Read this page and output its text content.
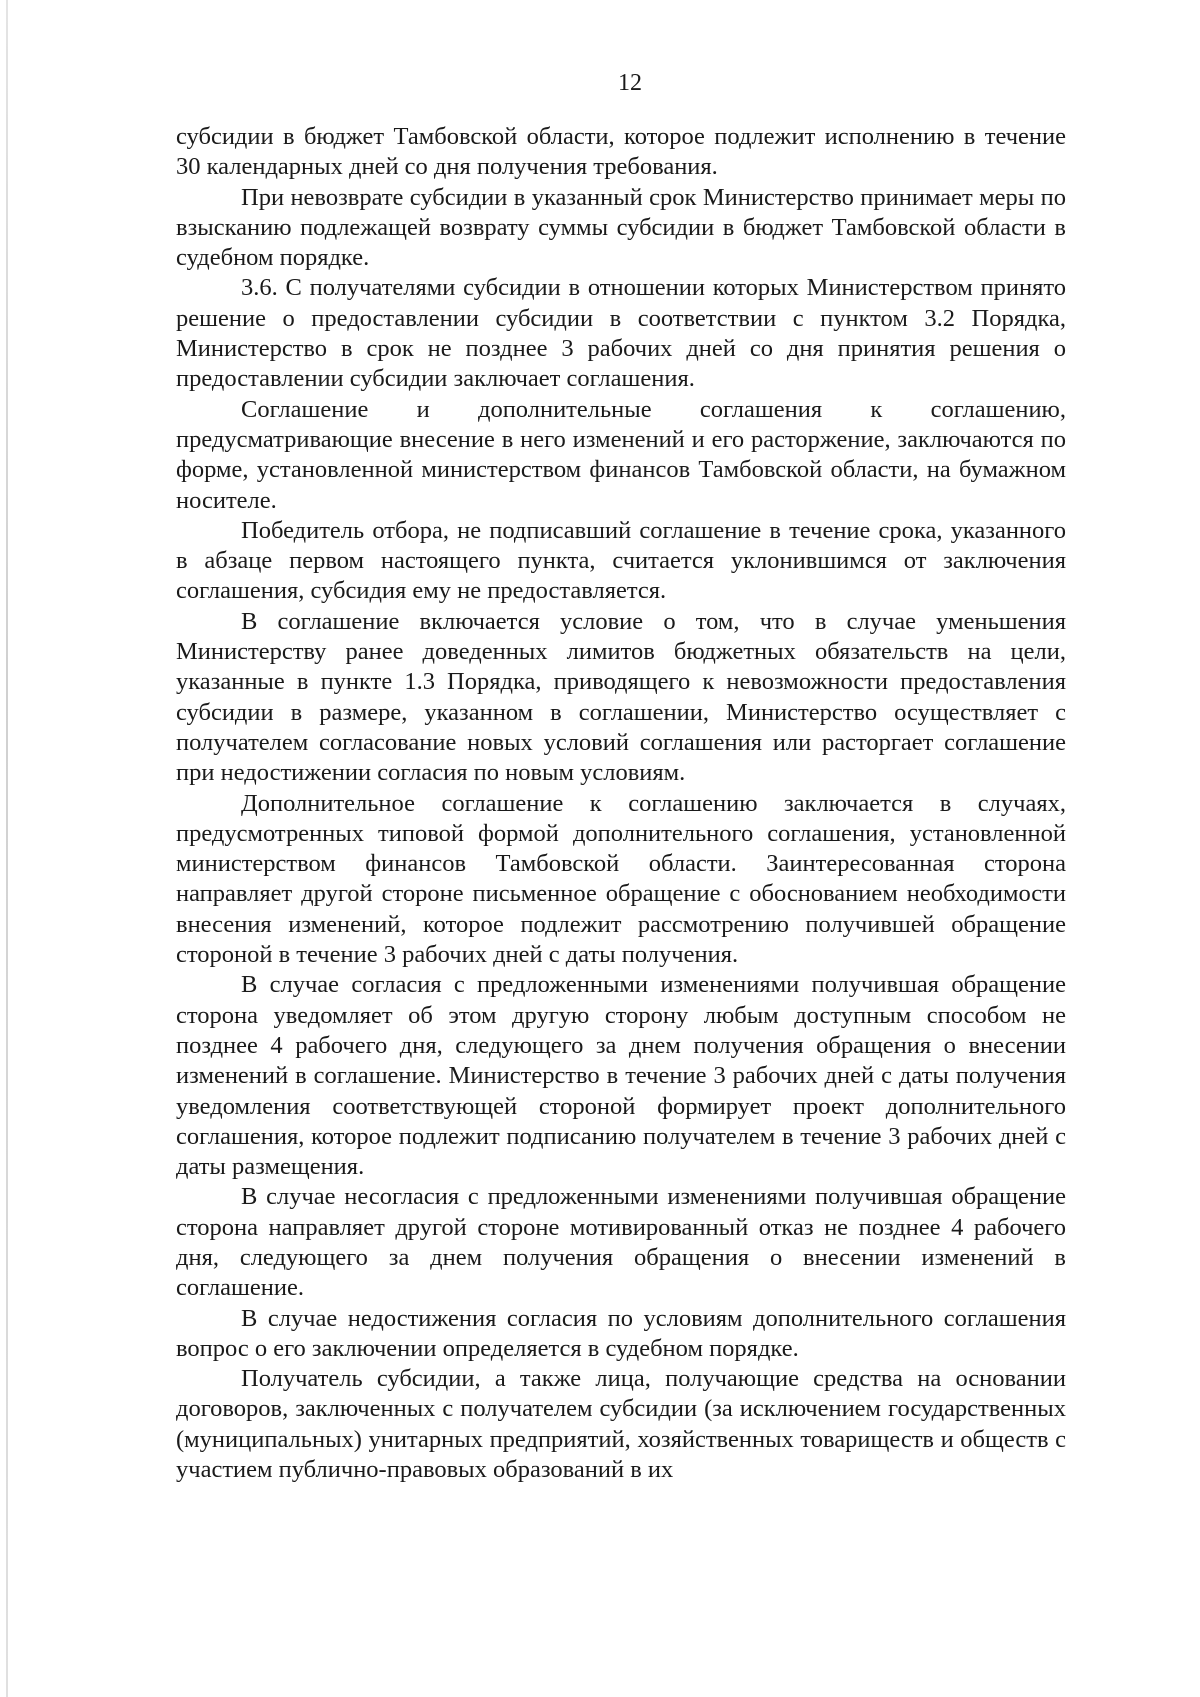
12

субсидии в бюджет Тамбовской области, которое подлежит исполнению в течение 30 календарных дней со дня получения требования.

При невозврате субсидии в указанный срок Министерство принимает меры по взысканию подлежащей возврату суммы субсидии в бюджет Тамбовской области в судебном порядке.

3.6. С получателями субсидии в отношении которых Министерством принято решение о предоставлении субсидии в соответствии с пунктом 3.2 Порядка, Министерство в срок не позднее 3 рабочих дней со дня принятия решения о предоставлении субсидии заключает соглашения.

Соглашение и дополнительные соглашения к соглашению, предусматривающие внесение в него изменений и его расторжение, заключаются по форме, установленной министерством финансов Тамбовской области, на бумажном носителе.

Победитель отбора, не подписавший соглашение в течение срока, указанного в абзаце первом настоящего пункта, считается уклонившимся от заключения соглашения, субсидия ему не предоставляется.

В соглашение включается условие о том, что в случае уменьшения Министерству ранее доведенных лимитов бюджетных обязательств на цели, указанные в пункте 1.3 Порядка, приводящего к невозможности предоставления субсидии в размере, указанном в соглашении, Министерство осуществляет с получателем согласование новых условий соглашения или расторгает соглашение при недостижении согласия по новым условиям.

Дополнительное соглашение к соглашению заключается в случаях, предусмотренных типовой формой дополнительного соглашения, установленной министерством финансов Тамбовской области. Заинтересованная сторона направляет другой стороне письменное обращение с обоснованием необходимости внесения изменений, которое подлежит рассмотрению получившей обращение стороной в течение 3 рабочих дней с даты получения.

В случае согласия с предложенными изменениями получившая обращение сторона уведомляет об этом другую сторону любым доступным способом не позднее 4 рабочего дня, следующего за днем получения обращения о внесении изменений в соглашение. Министерство в течение 3 рабочих дней с даты получения уведомления соответствующей стороной формирует проект дополнительного соглашения, которое подлежит подписанию получателем в течение 3 рабочих дней с даты размещения.

В случае несогласия с предложенными изменениями получившая обращение сторона направляет другой стороне мотивированный отказ не позднее 4 рабочего дня, следующего за днем получения обращения о внесении изменений в соглашение.

В случае недостижения согласия по условиям дополнительного соглашения вопрос о его заключении определяется в судебном порядке.

Получатель субсидии, а также лица, получающие средства на основании договоров, заключенных с получателем субсидии (за исключением государственных (муниципальных) унитарных предприятий, хозяйственных товариществ и обществ с участием публично-правовых образований в их
